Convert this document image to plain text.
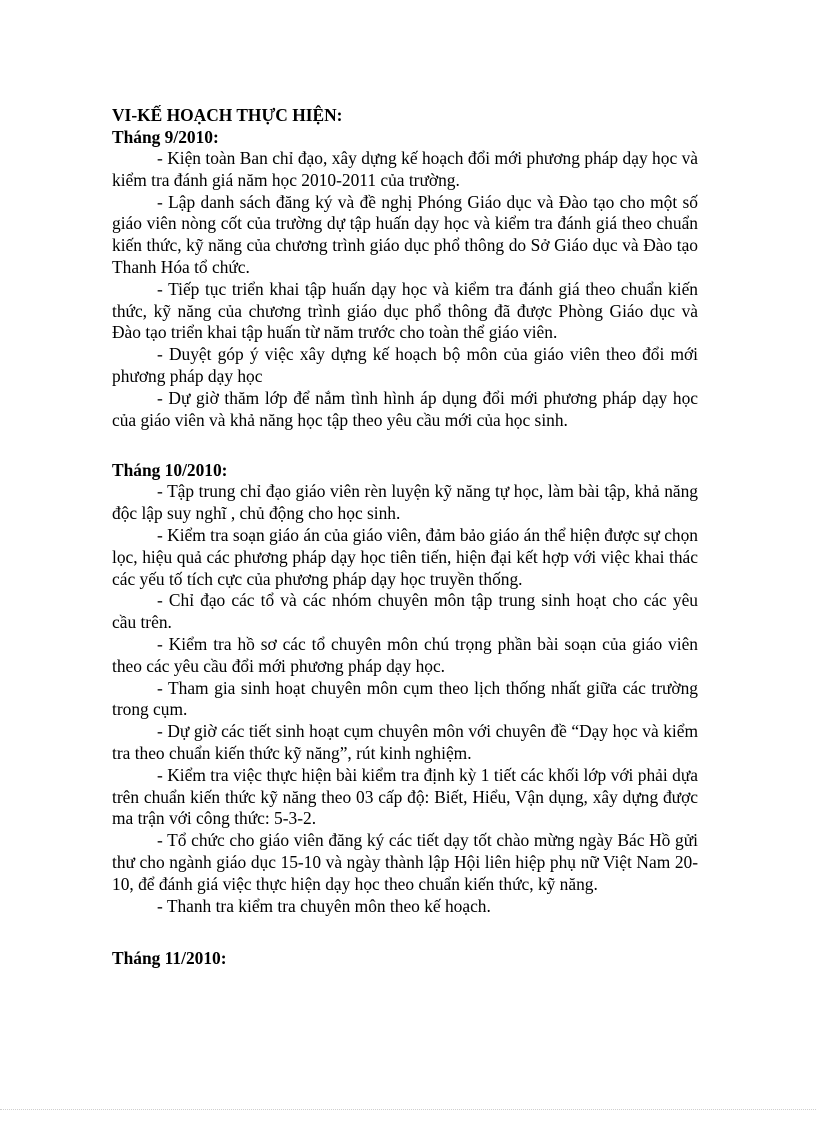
VI-KẾ HOẠCH THỰC HIỆN:
Tháng 9/2010:

- Kiện toàn Ban chỉ đạo, xây dựng kế hoạch đổi mới phương pháp dạy học và kiểm tra đánh giá năm học 2010-2011 của trường.

- Lập danh sách đăng ký và đề nghị Phóng Giáo dục và Đào tạo cho một số giáo viên nòng cốt của trường dự tập huấn dạy học và kiểm tra đánh giá theo chuẩn kiến thức, kỹ năng của chương trình giáo dục phổ thông do Sở Giáo dục và Đào tạo Thanh Hóa tổ chức.

- Tiếp tục triển khai tập huấn dạy học và kiểm tra đánh giá theo chuẩn kiến thức, kỹ năng của chương trình giáo dục phổ thông đã được Phòng Giáo dục và Đào tạo triển khai tập huấn từ năm trước cho toàn thể giáo viên.

- Duyệt góp ý việc xây dựng kế hoạch bộ môn của giáo viên theo đổi mới phương pháp dạy học

- Dự giờ thăm lớp để nắm tình hình áp dụng đổi mới phương pháp dạy học của giáo viên và khả năng học tập theo yêu cầu mới của học sinh.

Tháng 10/2010:

- Tập trung chỉ đạo giáo viên rèn luyện kỹ năng tự học, làm bài tập, khả năng độc lập suy nghĩ , chủ động cho học sinh.

- Kiểm tra soạn giáo án của giáo viên, đảm bảo giáo án thể hiện được sự chọn lọc, hiệu quả các phương pháp dạy học tiên tiến, hiện đại kết hợp với việc khai thác các yếu tố tích cực của phương pháp dạy học truyền thống.

- Chỉ đạo các tổ và các nhóm chuyên môn tập trung sinh hoạt cho các yêu cầu trên.

- Kiểm tra hồ sơ các tổ chuyên môn chú trọng phần bài soạn của giáo viên theo các yêu cầu đổi mới phương pháp dạy học.

- Tham gia sinh hoạt chuyên môn cụm theo lịch thống nhất giữa các trường trong cụm.

- Dự giờ các tiết sinh hoạt cụm chuyên môn với chuyên đề “Dạy học và kiểm tra theo chuẩn kiến thức kỹ năng”, rút kinh nghiệm.

- Kiểm tra việc thực hiện bài kiểm tra định kỳ 1 tiết các khối lớp với phải dựa trên chuẩn kiến thức kỹ năng theo 03 cấp độ: Biết, Hiểu, Vận dụng, xây dựng được ma trận với công thức: 5-3-2.

- Tổ chức cho giáo viên đăng ký các tiết dạy tốt chào mừng ngày Bác Hồ gửi thư cho ngành giáo dục 15-10 và ngày thành lập Hội liên hiệp phụ nữ Việt Nam 20-10, để đánh giá việc thực hiện dạy học theo chuẩn kiến thức, kỹ năng.

- Thanh tra kiểm tra chuyên môn theo kế hoạch.

Tháng 11/2010:
